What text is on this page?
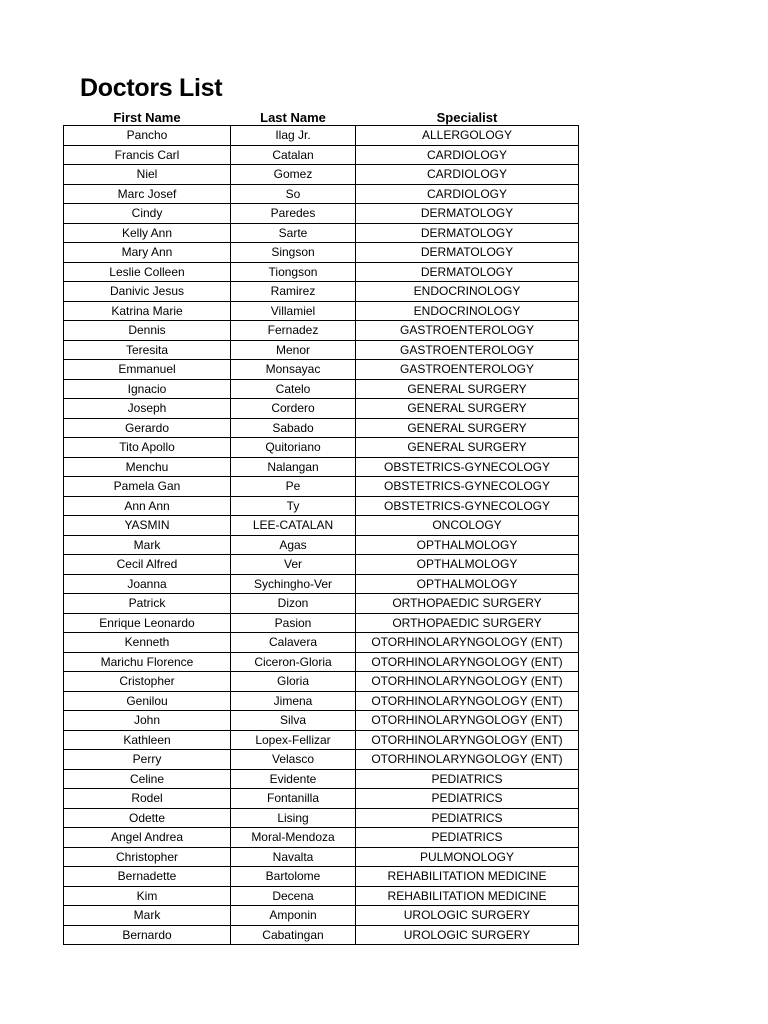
Doctors List
First Name	Last Name	Specialist
Pancho	Ilag Jr.	ALLERGOLOGY
Francis Carl	Catalan	CARDIOLOGY
Niel	Gomez	CARDIOLOGY
Marc Josef	So	CARDIOLOGY
Cindy	Paredes	DERMATOLOGY
Kelly Ann	Sarte	DERMATOLOGY
Mary Ann	Singson	DERMATOLOGY
Leslie Colleen	Tiongson	DERMATOLOGY
Danivic Jesus	Ramirez	ENDOCRINOLOGY
Katrina Marie	Villamiel	ENDOCRINOLOGY
Dennis	Fernadez	GASTROENTEROLOGY
Teresita	Menor	GASTROENTEROLOGY
Emmanuel	Monsayac	GASTROENTEROLOGY
Ignacio	Catelo	GENERAL SURGERY
Joseph	Cordero	GENERAL SURGERY
Gerardo	Sabado	GENERAL SURGERY
Tito Apollo	Quitoriano	GENERAL SURGERY
Menchu	Nalangan	OBSTETRICS-GYNECOLOGY
Pamela Gan	Pe	OBSTETRICS-GYNECOLOGY
Ann Ann	Ty	OBSTETRICS-GYNECOLOGY
YASMIN	LEE-CATALAN	ONCOLOGY
Mark	Agas	OPTHALMOLOGY
Cecil Alfred	Ver	OPTHALMOLOGY
Joanna	Sychingho-Ver	OPTHALMOLOGY
Patrick	Dizon	ORTHOPAEDIC SURGERY
Enrique Leonardo	Pasion	ORTHOPAEDIC SURGERY
Kenneth	Calavera	OTORHINOLARYNGOLOGY (ENT)
Marichu Florence	Ciceron-Gloria	OTORHINOLARYNGOLOGY (ENT)
Cristopher	Gloria	OTORHINOLARYNGOLOGY (ENT)
Genilou	Jimena	OTORHINOLARYNGOLOGY (ENT)
John	Silva	OTORHINOLARYNGOLOGY (ENT)
Kathleen	Lopex-Fellizar	OTORHINOLARYNGOLOGY (ENT)
Perry	Velasco	OTORHINOLARYNGOLOGY (ENT)
Celine	Evidente	PEDIATRICS
Rodel	Fontanilla	PEDIATRICS
Odette	Lising	PEDIATRICS
Angel Andrea	Moral-Mendoza	PEDIATRICS
Christopher	Navalta	PULMONOLOGY
Bernadette	Bartolome	REHABILITATION MEDICINE
Kim	Decena	REHABILITATION MEDICINE
Mark	Amponin	UROLOGIC SURGERY
Bernardo	Cabatingan	UROLOGIC SURGERY
